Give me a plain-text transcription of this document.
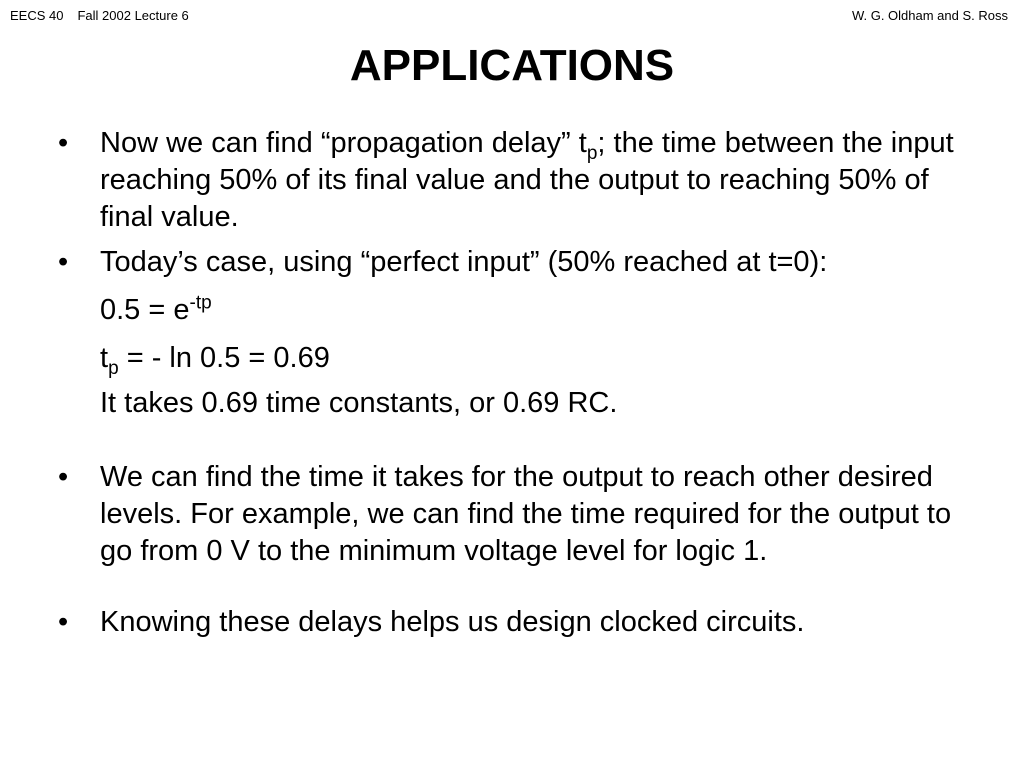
EECS 40 Fall 2002 Lecture 6	W. G. Oldham and S. Ross
APPLICATIONS
•	Now we can find “propagation delay” $t_p$; the time between the input reaching 50% of its final value and the output to reaching 50% of final value.

•	Today’s case, using “perfect input” (50% reached at t=0):

$0.5 = e^{-tp}$

$t_p$ = - ln 0.5 = 0.69

It takes 0.69 time constants, or 0.69 RC.

•	We can find the time it takes for the output to reach other desired levels. For example, we can find the time required for the output to go from 0 V to the minimum voltage level for logic 1.

•	Knowing these delays helps us design clocked circuits.
